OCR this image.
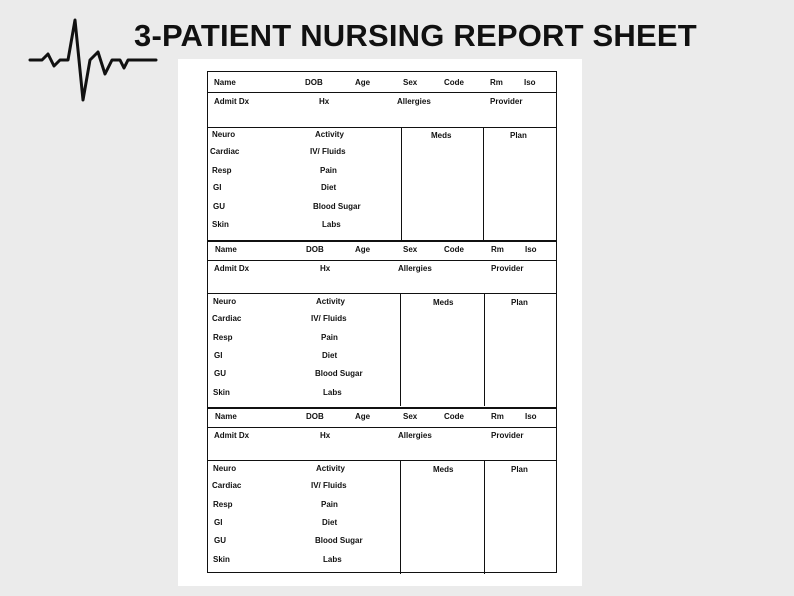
3-PATIENT NURSING REPORT SHEET
Name	DOB	Age	Sex	Code	Rm	Iso
Admit Dx	Hx	Allergies	Provider
Neuro	Activity	Meds	Plan
Cardiac	IV/ Fluids
Resp	Pain
GI	Diet
GU	Blood Sugar
Skin	Labs
Name	DOB	Age	Sex	Code	Rm	Iso
Admit Dx	Hx	Allergies	Provider
Neuro	Activity	Meds	Plan
Cardiac	IV/ Fluids
Resp	Pain
GI	Diet
GU	Blood Sugar
Skin	Labs
Name	DOB	Age	Sex	Code	Rm	Iso
Admit Dx	Hx	Allergies	Provider
Neuro	Activity	Meds	Plan
Cardiac	IV/ Fluids
Resp	Pain
GI	Diet
GU	Blood Sugar
Skin	Labs
